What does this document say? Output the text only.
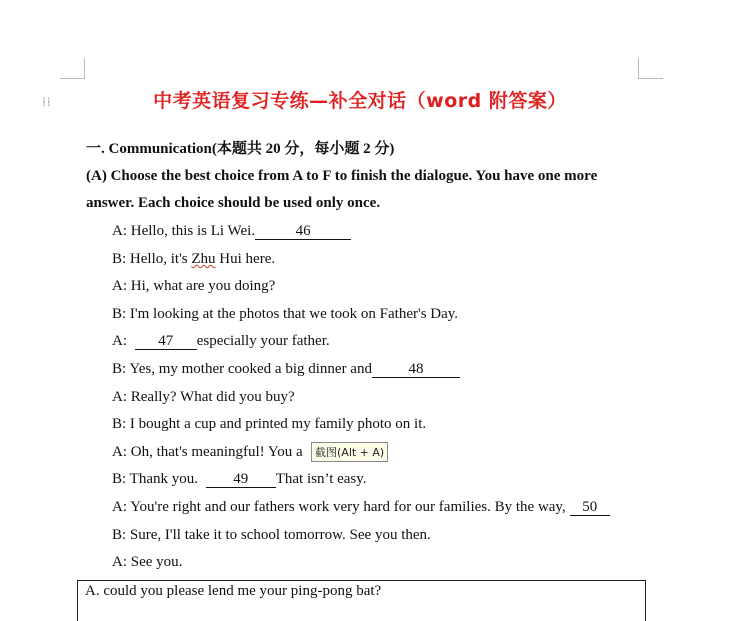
⁞⁞	中考英语复习专练—补全对话（word 附答案）
一. Communication(本题共 20 分，每小题 2 分)
(A) Choose the best choice from A to F to finish the dialogue. You have one more
answer. Each choice should be used only once.
A: Hello, this is Li Wei.	46
B: Hello, it's Zhu Hui here.
A: Hi, what are you doing?
B: I'm looking at the photos that we took on Father's Day.
A: 47 especially your father.
B: Yes, my mother cooked a big dinner and 48
A: Really? What did you buy?
B: I bought a cup and printed my family photo on it.
A: Oh, that's meaningful! You a
B: Thank you. 49 That isn’t easy.
A: You're right and our fathers work very hard for our families. By the way, 50
B: Sure, I'll take it to school tomorrow. See you then.
A: See you.
截图(Alt + A)
A. could you please lend me your ping-pong bat?
